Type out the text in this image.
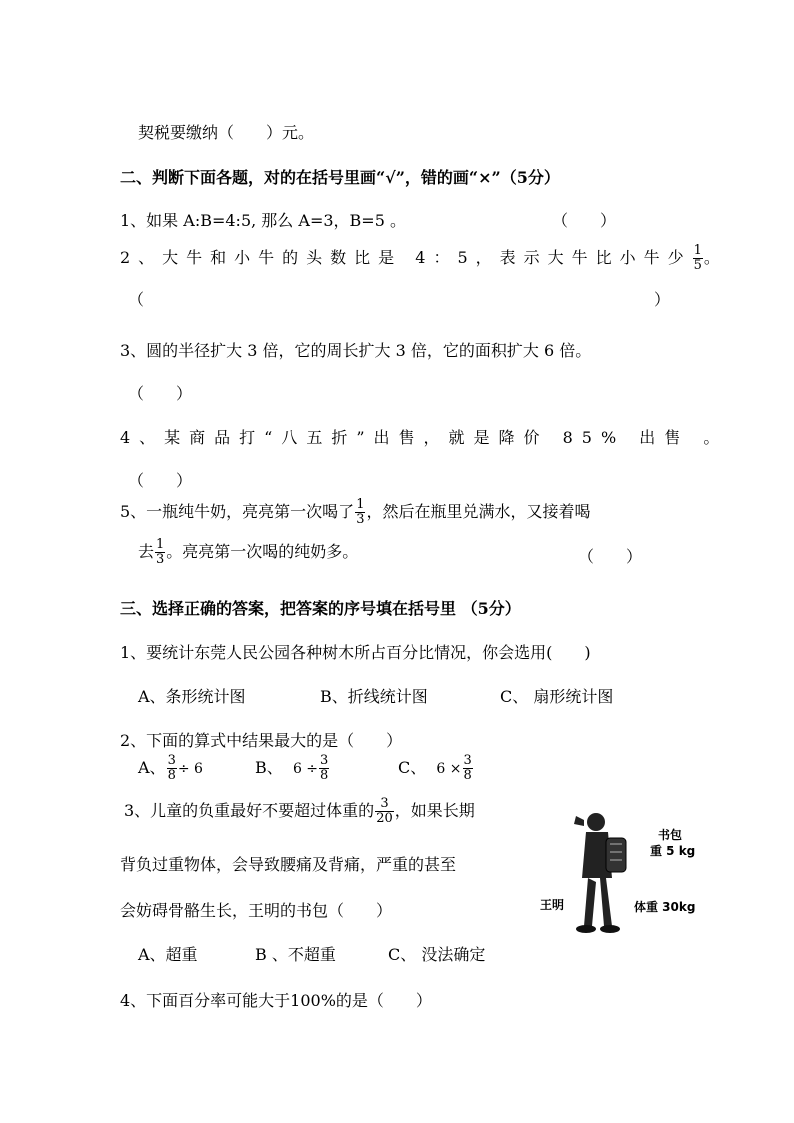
契税要缴纳（　　）元。
二、判断下面各题，对的在括号里画“√”，错的画“×”（5分）
1、如果 A:B=4:5, 那么 A=3，B=5 。	（　　）
2、大牛和小牛的头数比是 4：5，表示大牛比小牛少 $\frac{1}{5}$ 。
（	）
3、圆的半径扩大 3 倍，它的周长扩大 3 倍，它的面积扩大 6 倍。
（　　）
4、某商品打“八五折”出售，就是降价 85% 出售 。
（　　）
5、一瓶纯牛奶，亮亮第一次喝了 $\frac{1}{3}$ ，然后在瓶里兑满水，又接着喝
去 $\frac{1}{3}$ 。亮亮第一次喝的纯奶多。	（　　）
三、选择正确的答案，把答案的序号填在括号里 （5分）
1、要统计东莞人民公园各种树木所占百分比情况，你会选用(　　)
A、条形统计图	B、折线统计图	C、 扇形统计图
2、下面的算式中结果最大的是（　　）
A、 $\frac{3}{8} \div 6$	B、 $6 \div \frac{3}{8}$	C、 $6 \times \frac{3}{8}$
3、儿童的负重最好不要超过体重的 $\frac{3}{20}$ ，如果长期
背负过重物体，会导致腰痛及背痛，严重的甚至
会妨碍骨骼生长，王明的书包（　　）
A、超重	B 、不超重	C、 没法确定
书包
重 5 kg
王明	体重 30kg
4、下面百分率可能大于100%的是（　　）
